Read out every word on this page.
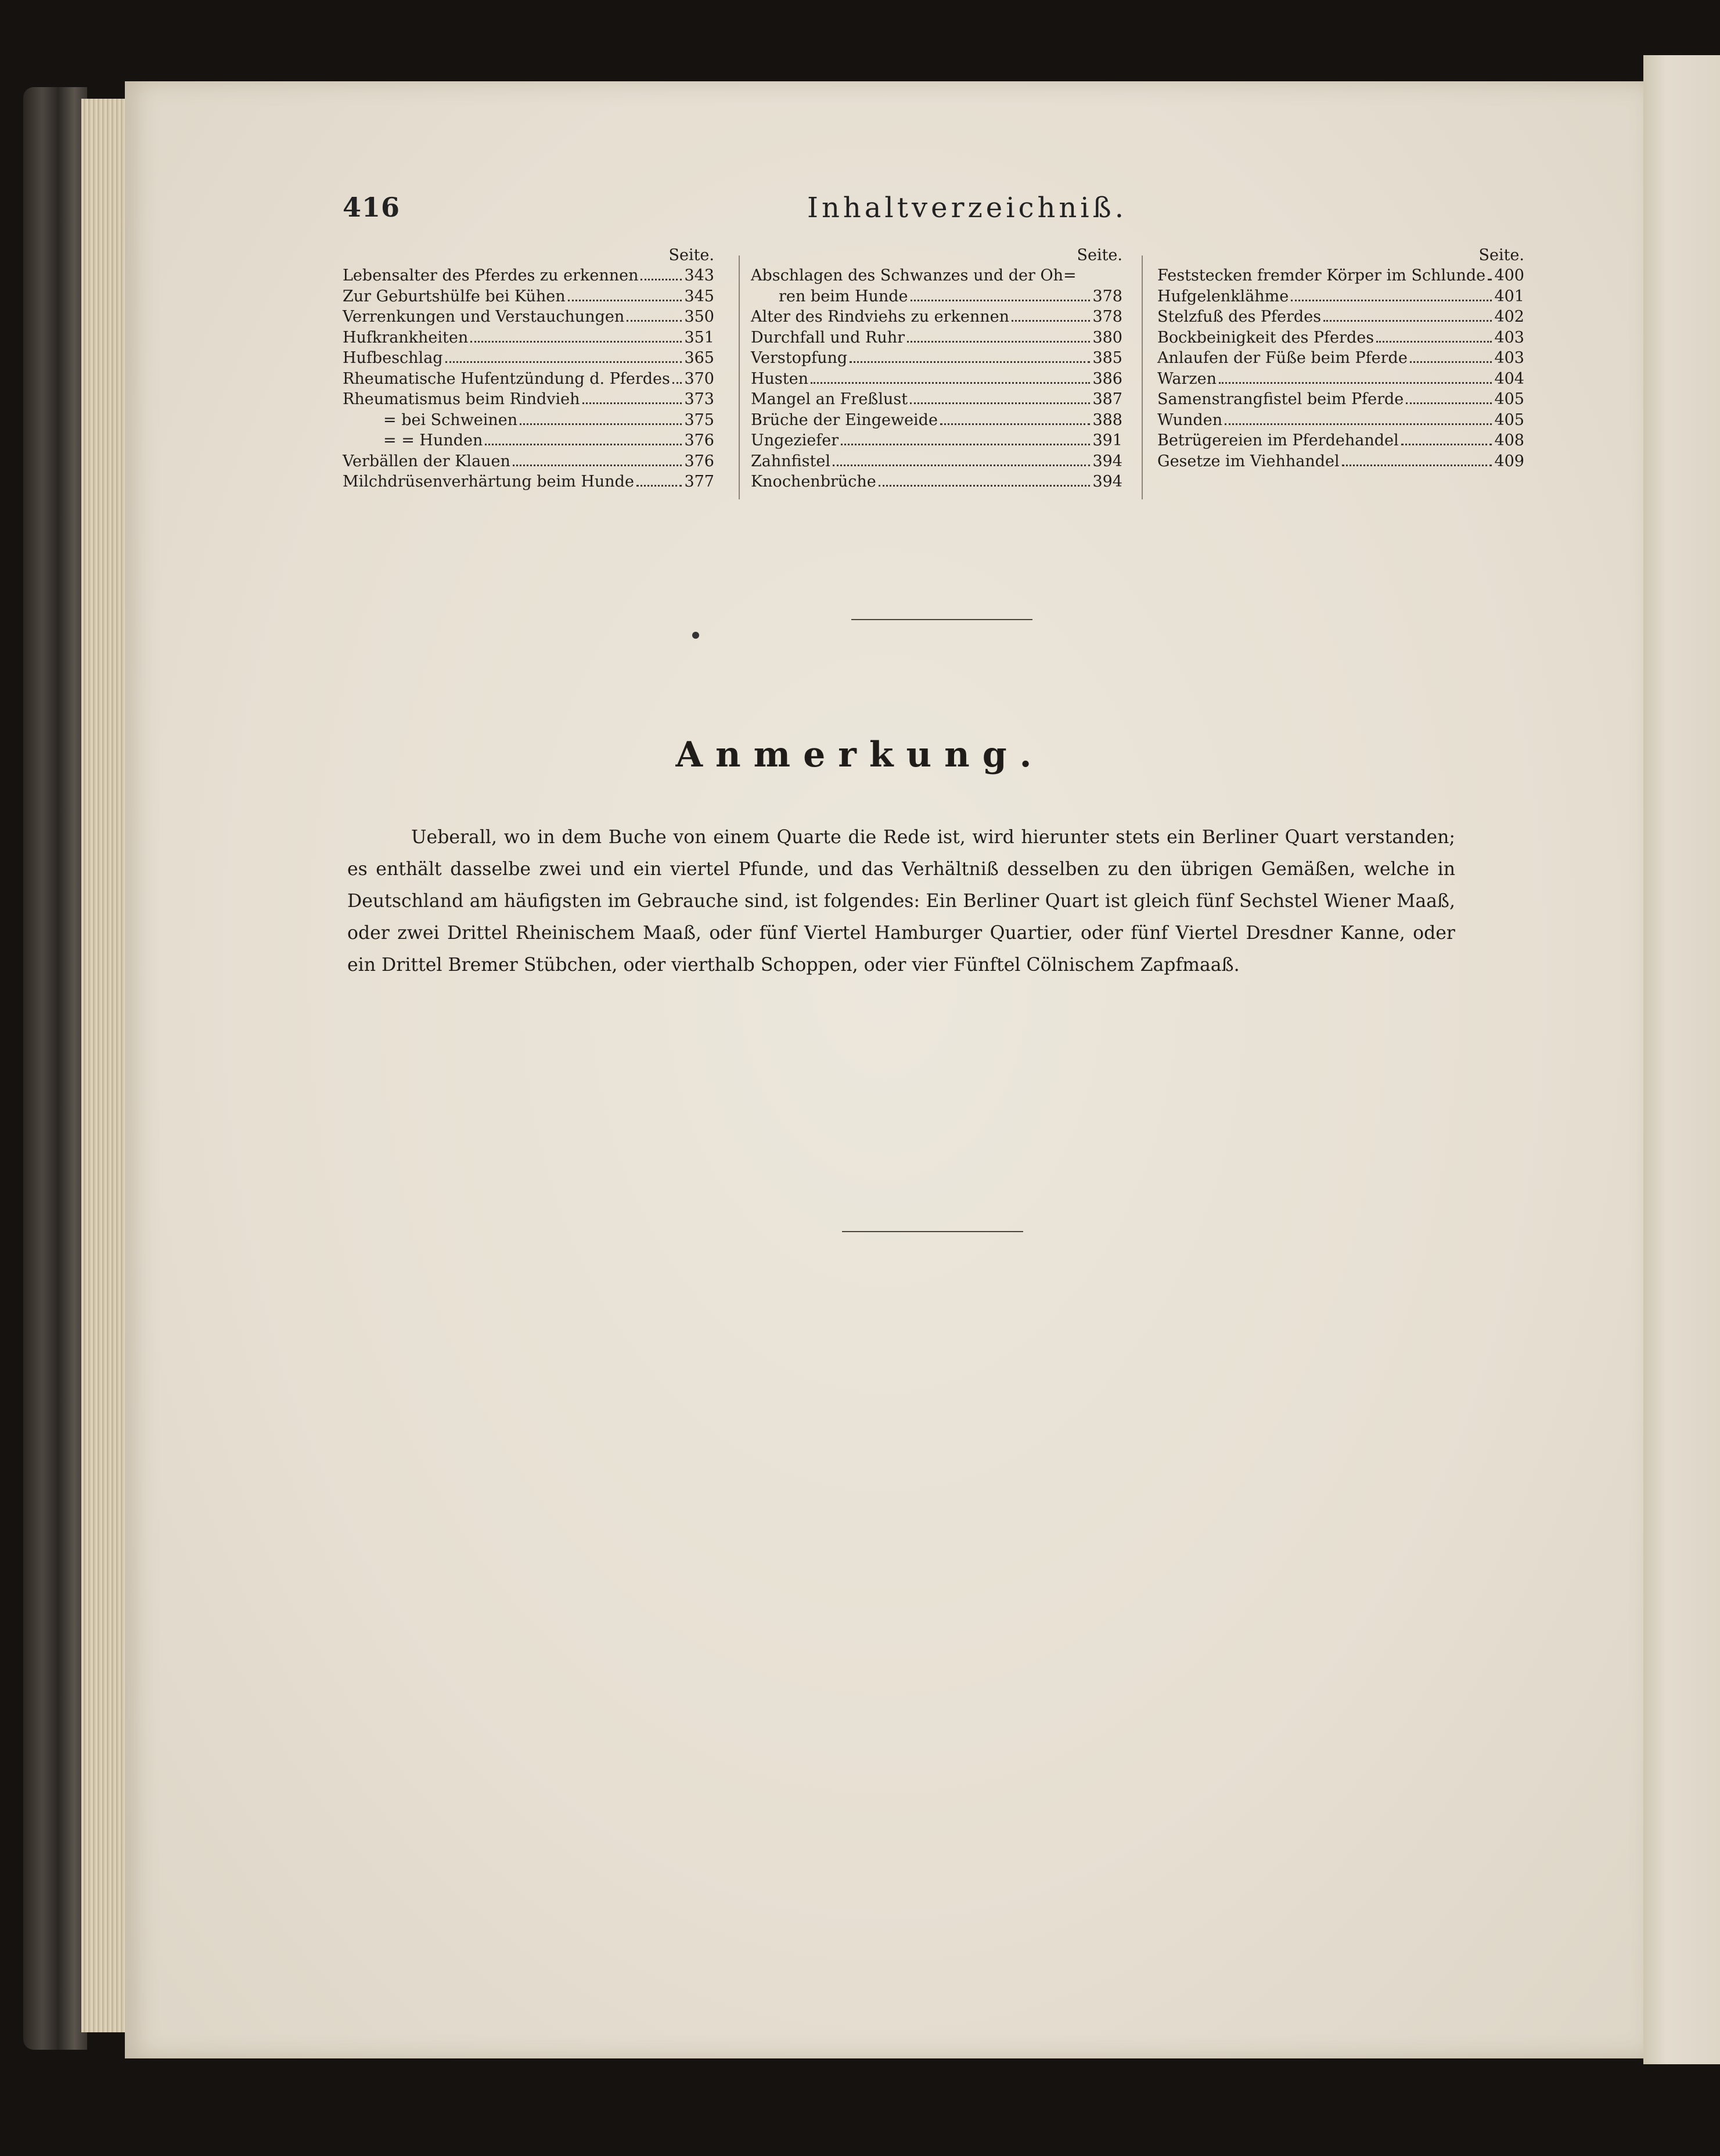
416	Inhaltverzeichniß.
Seite.
Lebensalter des Pferdes zu erkennen	343
Zur Geburtshülfe bei Kühen	345
Verrenkungen und Verstauchungen	350
Hufkrankheiten	351
Hufbeschlag	365
Rheumatische Hufentzündung d. Pferdes 370
Rheumatismus beim Rindvieh	373
= bei Schweinen	375
= = Hunden	376
Verbällen der Klauen	376
Milchdrüsenverhärtung beim Hunde	377
Seite.
Abschlagen des Schwanzes und der Oh=
ren beim Hunde	378
Alter des Rindviehs zu erkennen	378
Durchfall und Ruhr	380
Verstopfung	385
Husten	386
Mangel an Freßlust	387
Brüche der Eingeweide	388
Ungeziefer	391
Zahnfistel	394
Knochenbrüche	394
Seite.
Feststecken fremder Körper im Schlunde 400
Hufgelenklähme	401
Stelzfuß des Pferdes	402
Bockbeinigkeit des Pferdes	403
Anlaufen der Füße beim Pferde	403
Warzen	404
Samenstrangfistel beim Pferde	405
Wunden	405
Betrügereien im Pferdehandel	408
Gesetze im Viehhandel	409
Anmerkung.

Ueberall, wo in dem Buche von einem Quarte die Rede ist, wird hierunter stets ein Berliner Quart verstanden; es enthält dasselbe zwei und ein viertel Pfunde, und das Verhältniß desselben zu den übrigen Gemäßen, welche in Deutschland am häufigsten im Gebrauche sind, ist folgendes: Ein Berliner Quart ist gleich fünf Sechstel Wiener Maaß, oder zwei Drittel Rheinischem Maaß, oder fünf Viertel Hamburger Quartier, oder fünf Viertel Dresdner Kanne, oder ein Drittel Bremer Stübchen, oder vierthalb Schoppen, oder vier Fünftel Cölnischem Zapfmaaß.
